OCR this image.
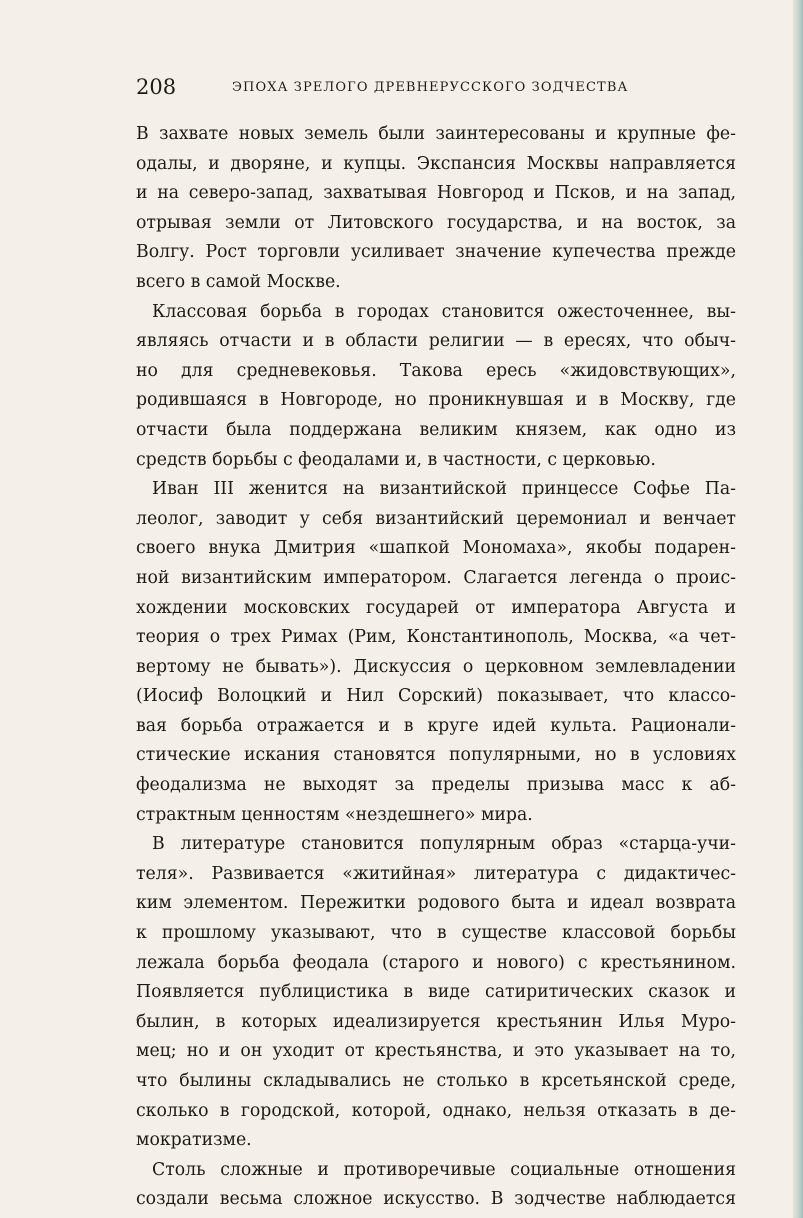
208	ЭПОХА ЗРЕЛОГО ДРЕВНЕРУССКОГО ЗОДЧЕСТВА
В захвате новых земель были заинтересованы и крупные фе-
одалы, и дворяне, и купцы. Экспансия Москвы направляется
и на северо-запад, захватывая Новгород и Псков, и на запад,
отрывая земли от Литовского государства, и на восток, за
Волгу. Рост торговли усиливает значение купечества прежде
всего в самой Москве.
Классовая борьба в городах становится ожесточеннее, вы-
являясь отчасти и в области религии — в ересях, что обыч-
но для средневековья. Такова ересь «жидовствующих»,
родившаяся в Новгороде, но проникнувшая и в Москву, где
отчасти была поддержана великим князем, как одно из
средств борьбы с феодалами и, в частности, с церковью.
Иван III женится на византийской принцессе Софье Па-
леолог, заводит у себя византийский церемониал и венчает
своего внука Дмитрия «шапкой Мономаха», якобы подарен-
ной византийским императором. Слагается легенда о проис-
хождении московских государей от императора Августа и
теория о трех Римах (Рим, Константинополь, Москва, «а чет-
вертому не бывать»). Дискуссия о церковном землевладении
(Иосиф Волоцкий и Нил Сорский) показывает, что классо-
вая борьба отражается и в круге идей культа. Рационали-
стические искания становятся популярными, но в условиях
феодализма не выходят за пределы призыва масс к аб-
страктным ценностям «нездешнего» мира.
В литературе становится популярным образ «старца-учи-
теля». Развивается «житийная» литература с дидактичес-
ким элементом. Пережитки родового быта и идеал возврата
к прошлому указывают, что в существе классовой борьбы
лежала борьба феодала (старого и нового) с крестьянином.
Появляется публицистика в виде сатиритических сказок и
былин, в которых идеализируется крестьянин Илья Муро-
мец; но и он уходит от крестьянства, и это указывает на то,
что былины складывались не столько в крсетьянской среде,
сколько в городской, которой, однако, нельзя отказать в де-
мократизме.
Столь сложные и противоречивые социальные отношения
создали весьма сложное искусство. В зодчестве наблюдается
